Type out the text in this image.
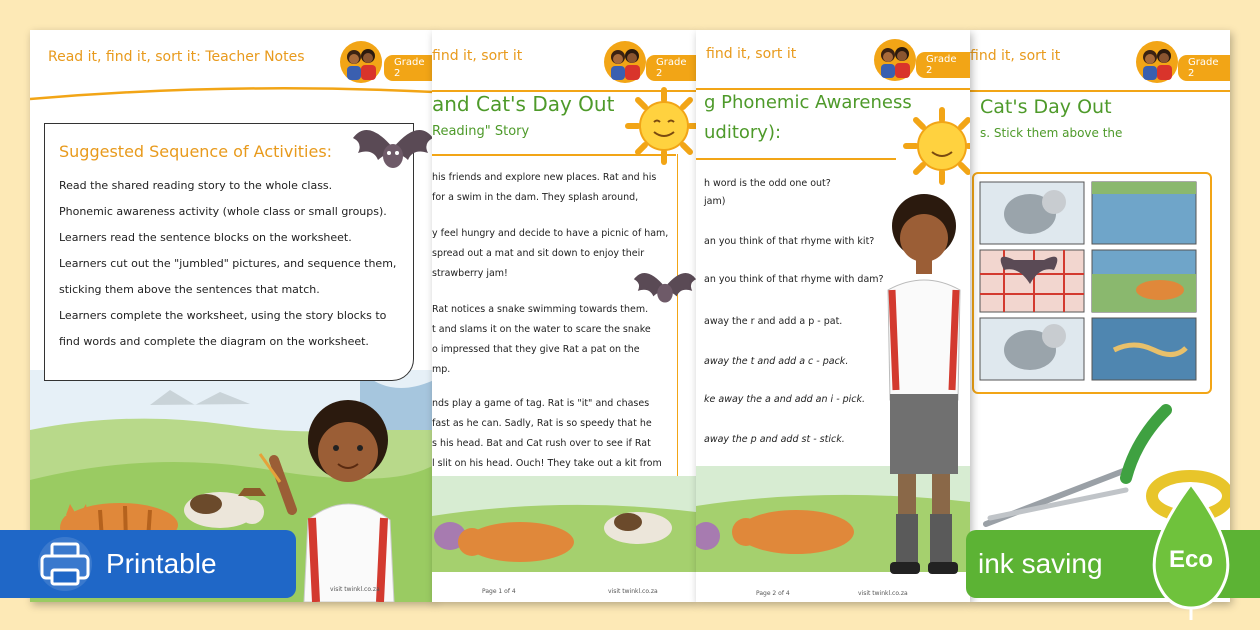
Read it, find it, sort it: Teacher Notes	Grade 2
Suggested Sequence of Activities:

Read the shared reading story to the whole class.

Phonemic awareness activity (whole class or small groups).

Learners read the sentence blocks on the worksheet.

Learners cut out the "jumbled" pictures, and sequence them,

sticking them above the sentences that match.

Learners complete the worksheet, using the story blocks to

find words and complete the diagram on the worksheet.

visit twinkl.co.za
find it, sort it	Grade 2
and Cat's Day Out
Reading" Story

his friends and explore new places. Rat and his

for a swim in the dam. They splash around,

y feel hungry and decide to have a picnic of ham,

spread out a mat and sit down to enjoy their

strawberry jam!

Rat notices a snake swimming towards them.

t and slams it on the water to scare the snake

o impressed that they give Rat a pat on the

mp.

nds play a game of tag. Rat is "it" and chases

fast as he can. Sadly, Rat is so speedy that he

s his head. Bat and Cat rush over to see if Rat

l slit on his head. Ouch! They take out a kit from

Page 1 of 4	visit twinkl.co.za
find it, sort it	Grade 2
g Phonemic Awareness
uditory):

h word is the odd one out?

jam)

an you think of that rhyme with kit?

an you think of that rhyme with dam?

away the r and add a p - pat.

away the t and add a c - pack.

ke away the a and add an i - pick.

away the p and add st - stick.

Page 2 of 4	visit twinkl.co.za
find it, sort it	Grade 2
Cat's Day Out
s. Stick them above the
Printable	ink saving	Eco
